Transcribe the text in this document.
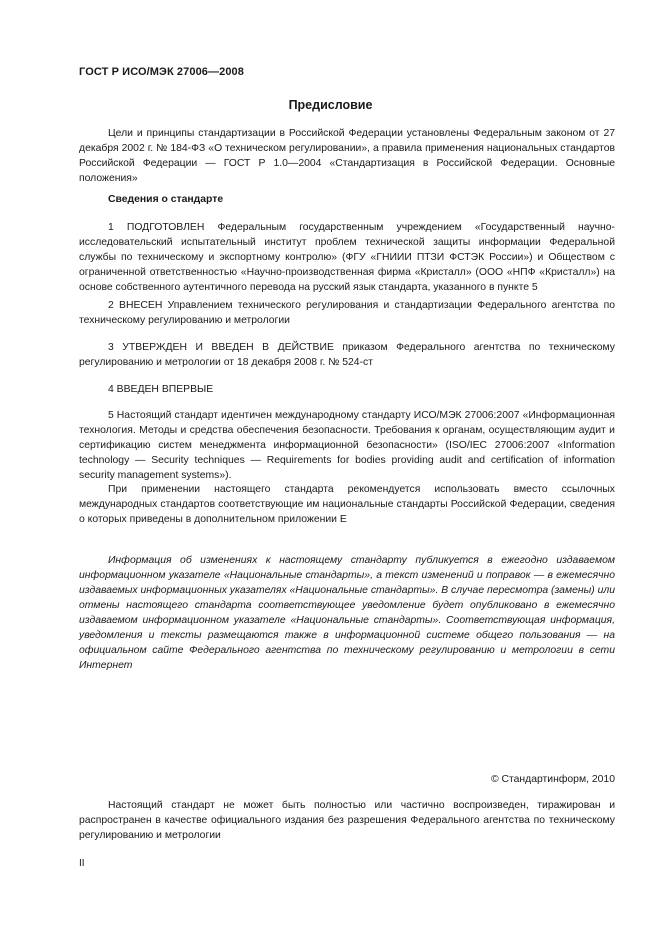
ГОСТ Р ИСО/МЭК 27006—2008
Предисловие

Цели и принципы стандартизации в Российской Федерации установлены Федеральным законом от 27 декабря 2002 г. № 184-ФЗ «О техническом регулировании», а правила применения национальных стандартов Российской Федерации — ГОСТ Р 1.0—2004 «Стандартизация в Российской Федерации. Основные положения»

Сведения о стандарте

1 ПОДГОТОВЛЕН Федеральным государственным учреждением «Государственный научно-исследовательский испытательный институт проблем технической защиты информации Федеральной службы по техническому и экспортному контролю» (ФГУ «ГНИИИ ПТЗИ ФСТЭК России») и Обществом с ограниченной ответственностью «Научно-производственная фирма «Кристалл» (ООО «НПФ «Кристалл») на основе собственного аутентичного перевода на русский язык стандарта, указанного в пункте 5

2 ВНЕСЕН Управлением технического регулирования и стандартизации Федерального агентства по техническому регулированию и метрологии

3 УТВЕРЖДЕН И ВВЕДЕН В ДЕЙСТВИЕ приказом Федерального агентства по техническому регулированию и метрологии от 18 декабря 2008 г. № 524-ст

4 ВВЕДЕН ВПЕРВЫЕ

5 Настоящий стандарт идентичен международному стандарту ИСО/МЭК 27006:2007 «Информационная технология. Методы и средства обеспечения безопасности. Требования к органам, осуществляющим аудит и сертификацию систем менеджмента информационной безопасности» (ISO/IEC 27006:2007 «Information technology — Security techniques — Requirements for bodies providing audit and certification of information security management systems»).

При применении настоящего стандарта рекомендуется использовать вместо ссылочных международных стандартов соответствующие им национальные стандарты Российской Федерации, сведения о которых приведены в дополнительном приложении Е

Информация об изменениях к настоящему стандарту публикуется в ежегодно издаваемом информационном указателе «Национальные стандарты», а текст изменений и поправок — в ежемесячно издаваемых информационных указателях «Национальные стандарты». В случае пересмотра (замены) или отмены настоящего стандарта соответствующее уведомление будет опубликовано в ежемесячно издаваемом информационном указателе «Национальные стандарты». Соответствующая информация, уведомления и тексты размещаются также в информационной системе общего пользования — на официальном сайте Федерального агентства по техническому регулированию и метрологии в сети Интернет

© Стандартинформ, 2010

Настоящий стандарт не может быть полностью или частично воспроизведен, тиражирован и распространен в качестве официального издания без разрешения Федерального агентства по техническому регулированию и метрологии

II
